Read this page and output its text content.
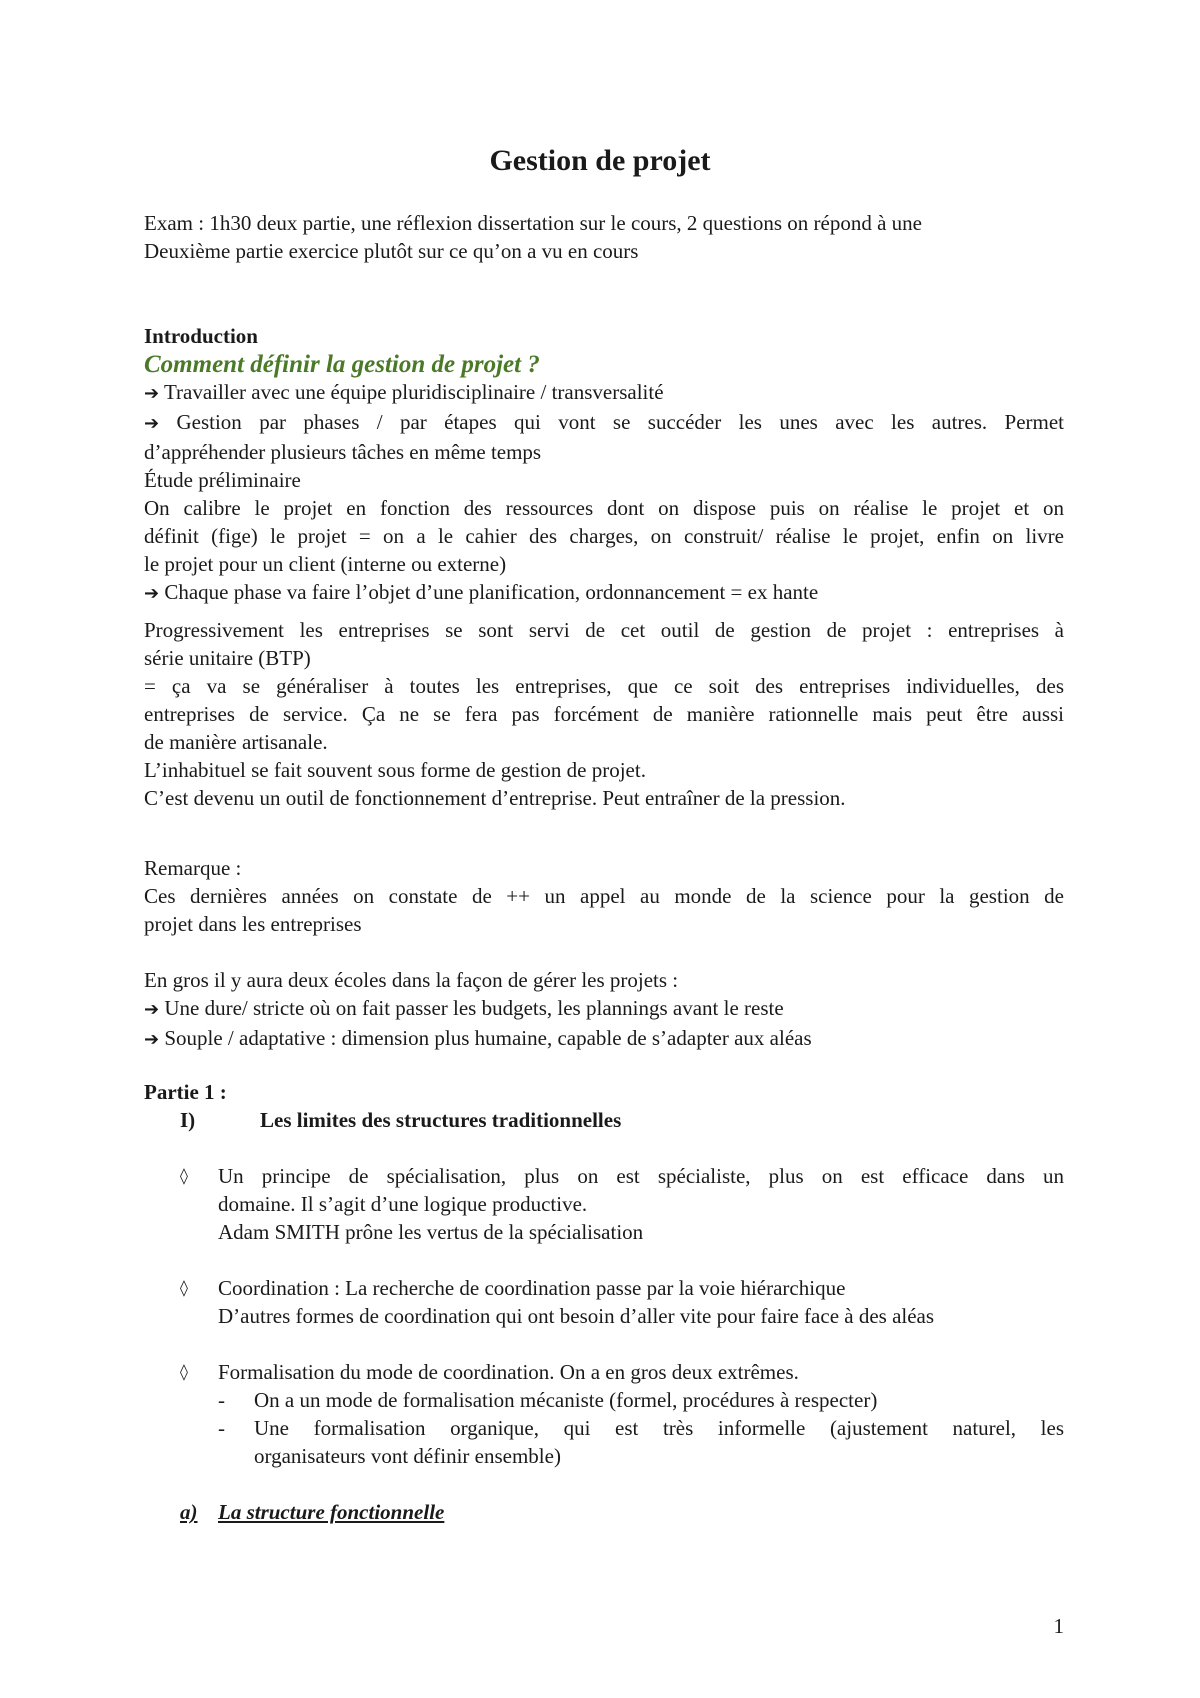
Gestion de projet
Exam : 1h30 deux partie, une réflexion dissertation sur le cours, 2 questions on répond à une
Deuxième partie exercice plutôt sur ce qu’on a vu en cours
Introduction
Comment définir la gestion de projet ?
➔ Travailler avec une équipe pluridisciplinaire / transversalité
➔ Gestion par phases / par étapes qui vont se succéder les unes avec les autres. Permet
d’appréhender plusieurs tâches en même temps
Étude préliminaire
On calibre le projet en fonction des ressources dont on dispose puis on réalise le projet et on
définit (fige) le projet = on a le cahier des charges, on construit/ réalise le projet, enfin on livre
le projet pour un client (interne ou externe)
➔ Chaque phase va faire l’objet d’une planification, ordonnancement = ex hante
Progressivement les entreprises se sont servi de cet outil de gestion de projet : entreprises à
série unitaire (BTP)
= ça va se généraliser à toutes les entreprises, que ce soit des entreprises individuelles, des
entreprises de service. Ça ne se fera pas forcément de manière rationnelle mais peut être aussi
de manière artisanale.
L’inhabituel se fait souvent sous forme de gestion de projet.
C’est devenu un outil de fonctionnement d’entreprise. Peut entraîner de la pression.
Remarque :
Ces dernières années on constate de ++ un appel au monde de la science pour la gestion de
projet dans les entreprises
En gros il y aura deux écoles dans la façon de gérer les projets :
➔ Une dure/ stricte où on fait passer les budgets, les plannings avant le reste
➔ Souple / adaptative : dimension plus humaine, capable de s’adapter aux aléas
Partie 1 :
I)	Les limites des structures traditionnelles
◊ Un principe de spécialisation, plus on est spécialiste, plus on est efficace dans un
domaine. Il s’agit d’une logique productive.
Adam SMITH prône les vertus de la spécialisation
◊ Coordination : La recherche de coordination passe par la voie hiérarchique
D’autres formes de coordination qui ont besoin d’aller vite pour faire face à des aléas
◊ Formalisation du mode de coordination. On a en gros deux extrêmes.
- On a un mode de formalisation mécaniste (formel, procédures à respecter)
- Une formalisation organique, qui est très informelle (ajustement naturel, les
organisateurs vont définir ensemble)
a) La structure fonctionnelle
1
